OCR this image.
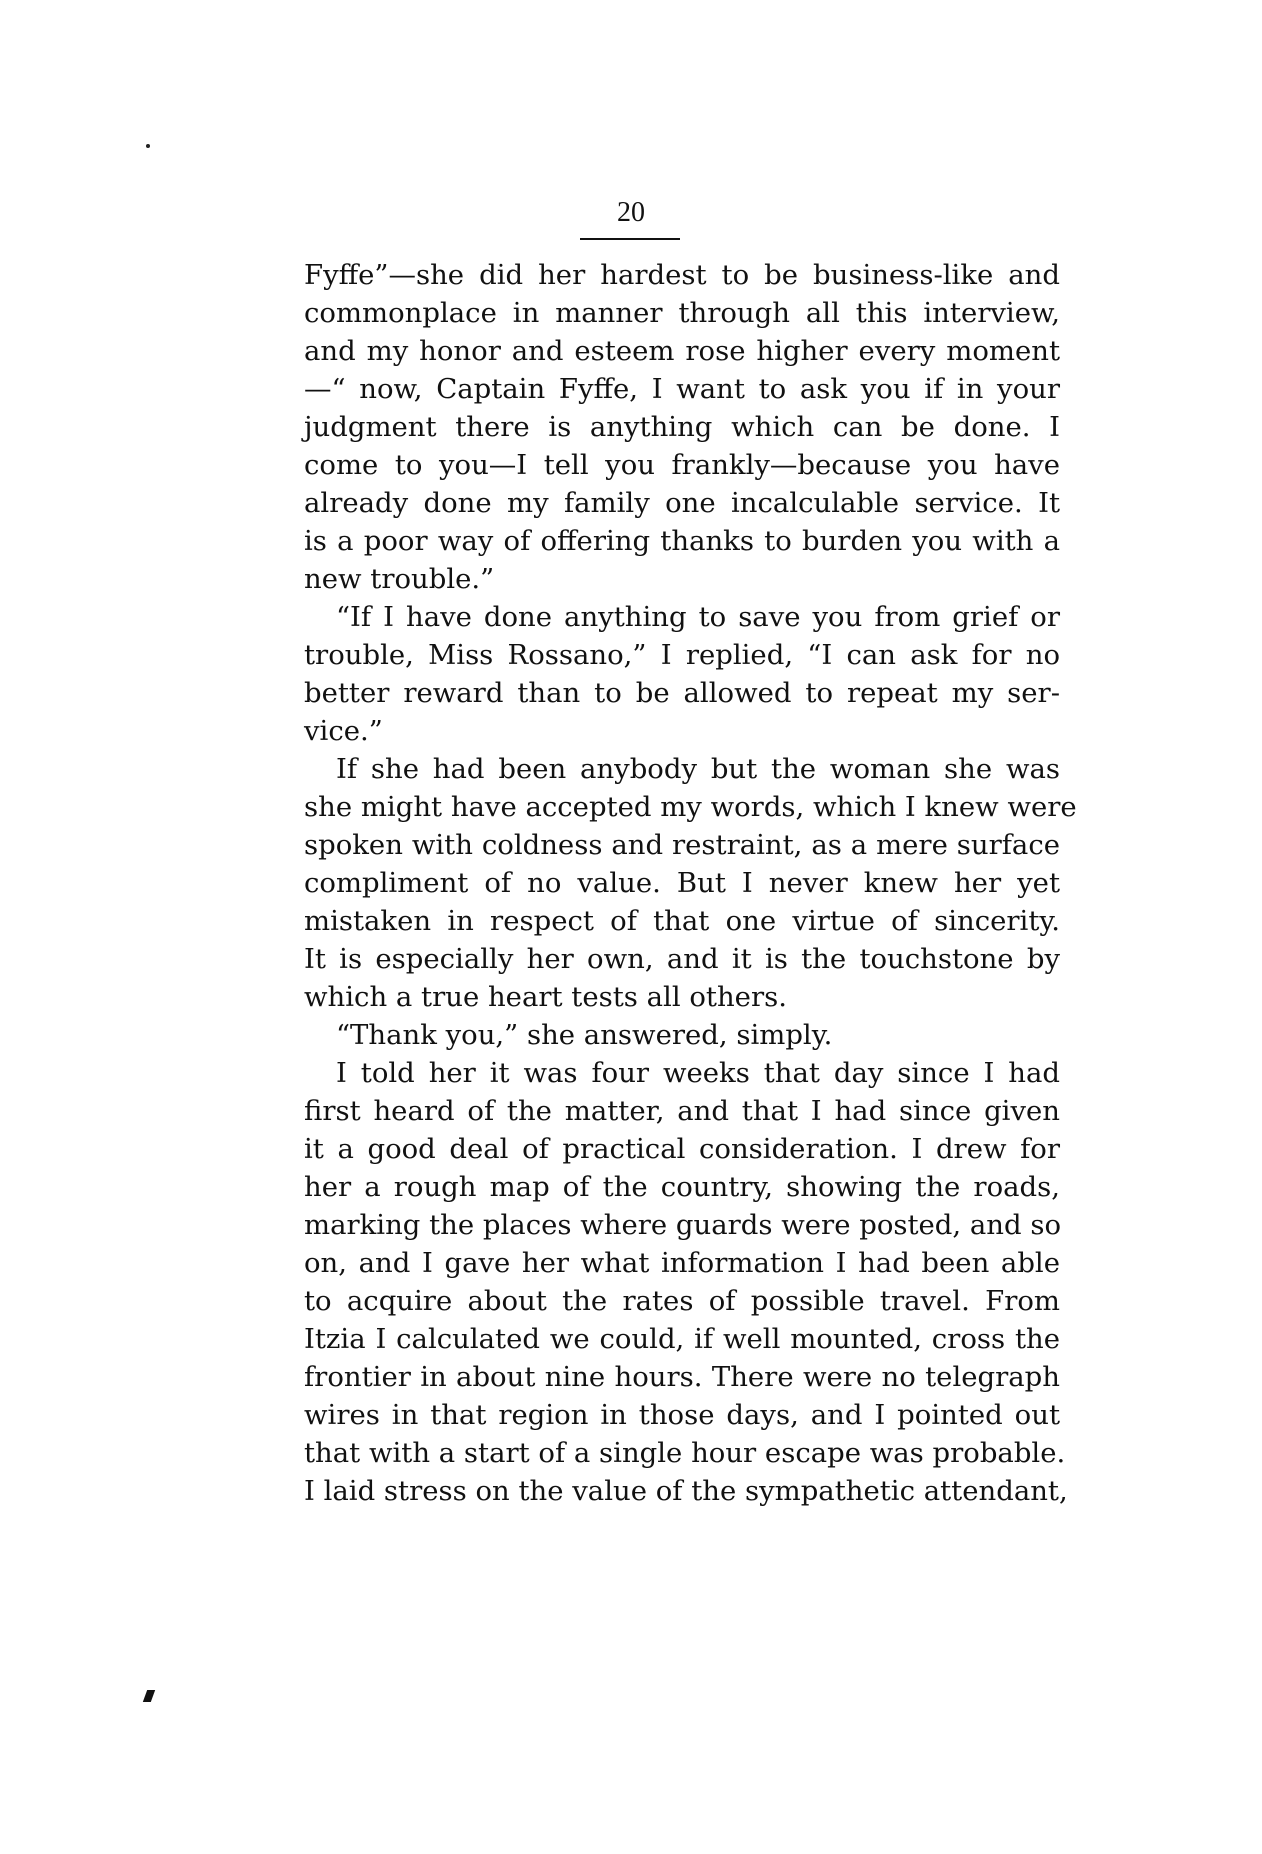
20
Fyffe”—she did her hardest to be business-like and
commonplace in manner through all this interview,
and my honor and esteem rose higher every moment
—“ now, Captain Fyffe, I want to ask you if in your
judgment there is anything which can be done. I
come to you—I tell you frankly—because you have
already done my family one incalculable service. It
is a poor way of offering thanks to burden you with a
new trouble.”
“If I have done anything to save you from grief or
trouble, Miss Rossano,” I replied, “I can ask for no
better reward than to be allowed to repeat my ser-
vice.”
If she had been anybody but the woman she was
she might have accepted my words, which I knew were
spoken with coldness and restraint, as a mere surface
compliment of no value. But I never knew her yet
mistaken in respect of that one virtue of sincerity.
It is especially her own, and it is the touchstone by
which a true heart tests all others.
“Thank you,” she answered, simply.
I told her it was four weeks that day since I had
first heard of the matter, and that I had since given
it a good deal of practical consideration. I drew for
her a rough map of the country, showing the roads,
marking the places where guards were posted, and so
on, and I gave her what information I had been able
to acquire about the rates of possible travel. From
Itzia I calculated we could, if well mounted, cross the
frontier in about nine hours. There were no telegraph
wires in that region in those days, and I pointed out
that with a start of a single hour escape was probable.
I laid stress on the value of the sympathetic attendant,
